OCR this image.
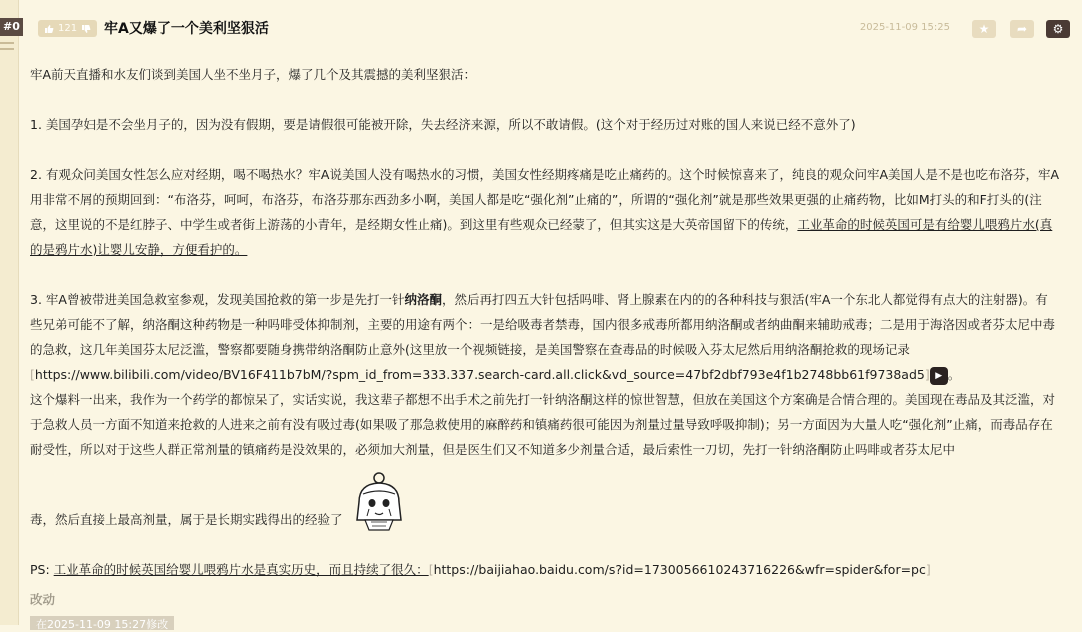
#0	121 牢A又爆了一个美利坚狠活	2025-11-09 15:25	★	➦	⚙

牢A前天直播和水友们谈到美国人坐不坐月子，爆了几个及其震撼的美利坚狠活：

1. 美国孕妇是不会坐月子的，因为没有假期，要是请假很可能被开除，失去经济来源，所以不敢请假。(这个对于经历过对账的国人来说已经不意外了)

2. 有观众问美国女性怎么应对经期，喝不喝热水？牢A说美国人没有喝热水的习惯，美国女性经期疼痛是吃止痛药的。这个时候惊喜来了，纯良的观众问牢A美国人是不是也吃布洛芬，牢A用非常不屑的预期回到：“布洛芬，呵呵，布洛芬，布洛芬那东西劲多小啊，美国人都是吃“强化剂”止痛的”，所谓的“强化剂”就是那些效果更强的止痛药物，比如M打头的和F打头的(注意，这里说的不是红脖子、中学生或者街上游荡的小青年，是经期女性止痛)。到这里有些观众已经蒙了，但其实这是大英帝国留下的传统，工业革命的时候英国可是有给婴儿喂鸦片水(真的是鸦片水)让婴儿安静，方便看护的。

3. 牢A曾被带进美国急救室参观，发现美国抢救的第一步是先打一针纳洛酮，然后再打四五大针包括吗啡、肾上腺素在内的的各种科技与狠活(牢A一个东北人都觉得有点大的注射器)。有些兄弟可能不了解，纳洛酮这种药物是一种吗啡受体抑制剂，主要的用途有两个：一是给吸毒者禁毒，国内很多戒毒所都用纳洛酮或者纳曲酮来辅助戒毒；二是用于海洛因或者芬太尼中毒的急救，这几年美国芬太尼泛滥，警察都要随身携带纳洛酮防止意外(这里放一个视频链接，是美国警察在查毒品的时候吸入芬太尼然后用纳洛酮抢救的现场记录[https://www.bilibili.com/video/BV16F411b7bM/?spm_id_from=333.337.search-card.all.click&vd_source=47bf2dbf793e4f1b2748bb61f9738ad5] ▶ 。

这个爆料一出来，我作为一个药学的都惊呆了，实话实说，我这辈子都想不出手术之前先打一针纳洛酮这样的惊世智慧，但放在美国这个方案确是合情合理的。美国现在毒品及其泛滥，对于急救人员一方面不知道来抢救的人进来之前有没有吸过毒(如果吸了那急救使用的麻醉药和镇痛药很可能因为剂量过量导致呼吸抑制)；另一方面因为大量人吃“强化剂”止痛，而毒品存在耐受性，所以对于这些人群正常剂量的镇痛药是没效果的，必须加大剂量，但是医生们又不知道多少剂量合适，最后索性一刀切，先打一针纳洛酮防止吗啡或者芬太尼中

毒，然后直接上最高剂量，属于是长期实践得出的经验了

PS: 工业革命的时候英国给婴儿喂鸦片水是真实历史，而且持续了很久：[https://baijiahao.baidu.com/s?id=1730056610243716226&wfr=spider&for=pc]

改动
在2025-11-09 15:27修改
